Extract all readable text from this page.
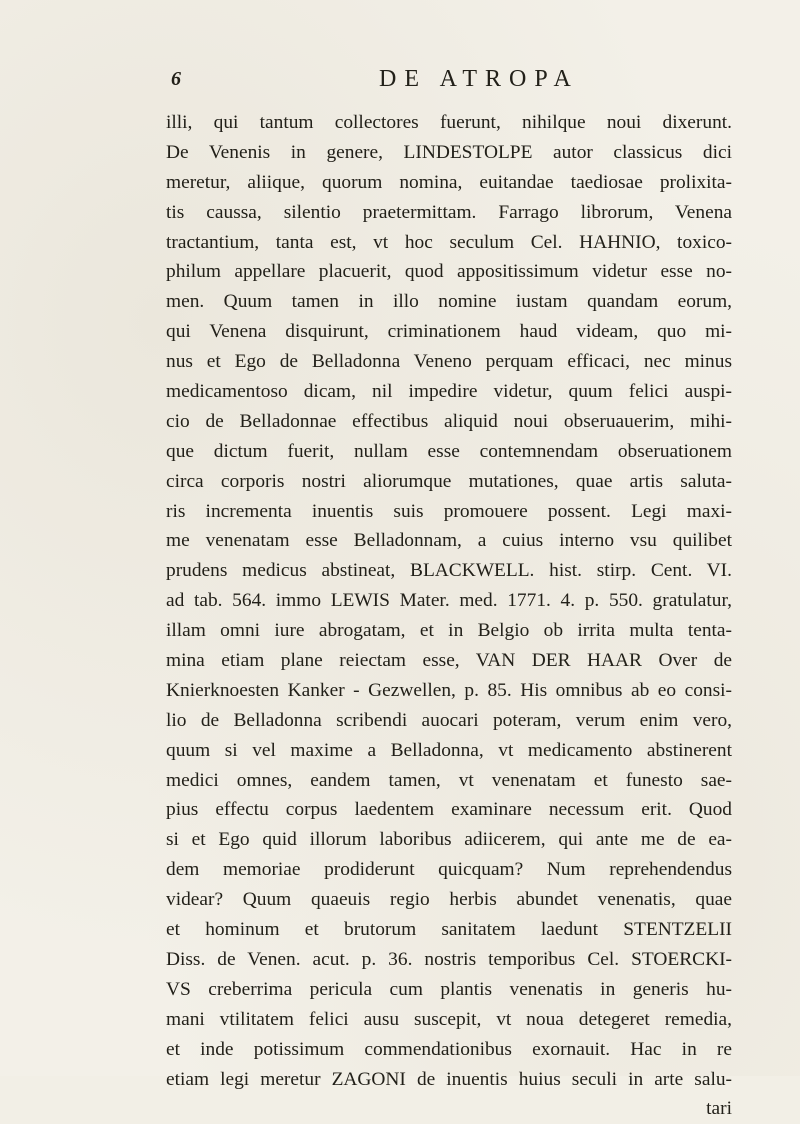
6	DE ATROPA
illi, qui tantum collectores fuerunt, nihilque noui dixerunt.
De Venenis in genere, LINDESTOLPE autor classicus dici
meretur, aliique, quorum nomina, euitandae taediosae prolixita-
tis caussa, silentio praetermittam. Farrago librorum, Venena
tractantium, tanta est, vt hoc seculum Cel. HAHNIO, toxico-
philum appellare placuerit, quod appositissimum videtur esse no-
men. Quum tamen in illo nomine iustam quandam eorum,
qui Venena disquirunt, criminationem haud videam, quo mi-
nus et Ego de Belladonna Veneno perquam efficaci, nec minus
medicamentoso dicam, nil impedire videtur, quum felici auspi-
cio de Belladonnae effectibus aliquid noui obseruauerim, mihi-
que dictum fuerit, nullam esse contemnendam obseruationem
circa corporis nostri aliorumque mutationes, quae artis saluta-
ris incrementa inuentis suis promouere possent. Legi maxi-
me venenatam esse Belladonnam, a cuius interno vsu quilibet
prudens medicus abstineat, BLACKWELL. hist. stirp. Cent. VI.
ad tab. 564. immo LEWIS Mater. med. 1771. 4. p. 550. gratulatur,
illam omni iure abrogatam, et in Belgio ob irrita multa tenta-
mina etiam plane reiectam esse, VAN DER HAAR Over de
Knierknoesten Kanker - Gezwellen, p. 85. His omnibus ab eo consi-
lio de Belladonna scribendi auocari poteram, verum enim vero,
quum si vel maxime a Belladonna, vt medicamento abstinerent
medici omnes, eandem tamen, vt venenatam et funesto sae-
pius effectu corpus laedentem examinare necessum erit. Quod
si et Ego quid illorum laboribus adiicerem, qui ante me de ea-
dem memoriae prodiderunt quicquam? Num reprehendendus
videar? Quum quaeuis regio herbis abundet venenatis, quae
et hominum et brutorum sanitatem laedunt STENTZELII
Diss. de Venen. acut. p. 36. nostris temporibus Cel. STOERCKI-
VS creberrima pericula cum plantis venenatis in generis hu-
mani vtilitatem felici ausu suscepit, vt noua detegeret remedia,
et inde potissimum commendationibus exornauit. Hac in re
etiam legi meretur ZAGONI de inuentis huius seculi in arte salu-
tari
